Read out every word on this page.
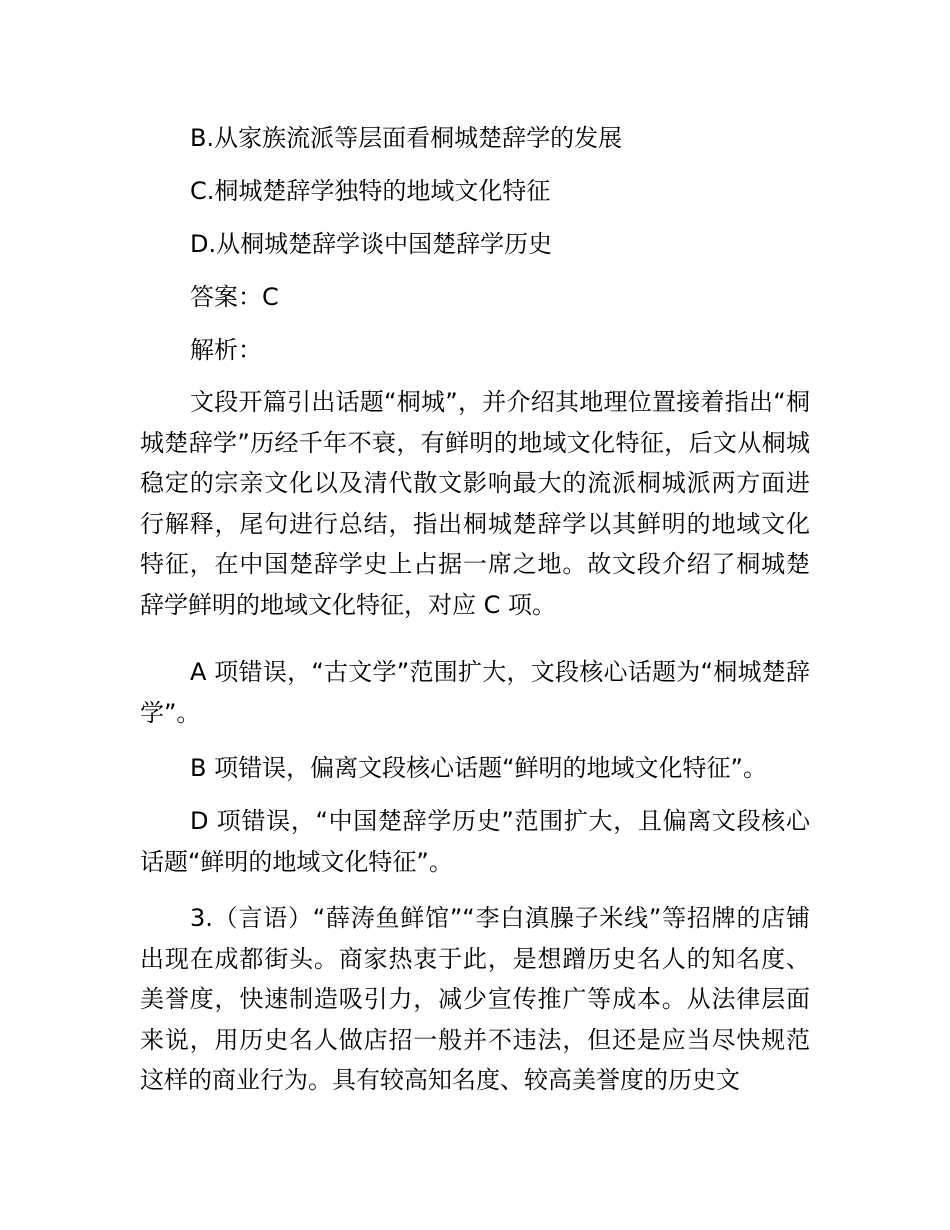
B.从家族流派等层面看桐城楚辞学的发展
C.桐城楚辞学独特的地域文化特征
D.从桐城楚辞学谈中国楚辞学历史
答案：C
解析：

文段开篇引出话题“桐城”，并介绍其地理位置接着指出“桐城楚辞学”历经千年不衰，有鲜明的地域文化特征，后文从桐城稳定的宗亲文化以及清代散文影响最大的流派桐城派两方面进行解释，尾句进行总结，指出桐城楚辞学以其鲜明的地域文化特征，在中国楚辞学史上占据一席之地。故文段介绍了桐城楚辞学鲜明的地域文化特征，对应 C 项。

A 项错误，“古文学”范围扩大，文段核心话题为“桐城楚辞学”。

B 项错误，偏离文段核心话题“鲜明的地域文化特征”。

D 项错误，“中国楚辞学历史”范围扩大，且偏离文段核心话题“鲜明的地域文化特征”。

3.（言语）“薛涛鱼鲜馆”“李白滇臊子米线”等招牌的店铺出现在成都街头。商家热衷于此，是想蹭历史名人的知名度、美誉度，快速制造吸引力，减少宣传推广等成本。从法律层面来说，用历史名人做店招一般并不违法，但还是应当尽快规范这样的商业行为。具有较高知名度、较高美誉度的历史文
